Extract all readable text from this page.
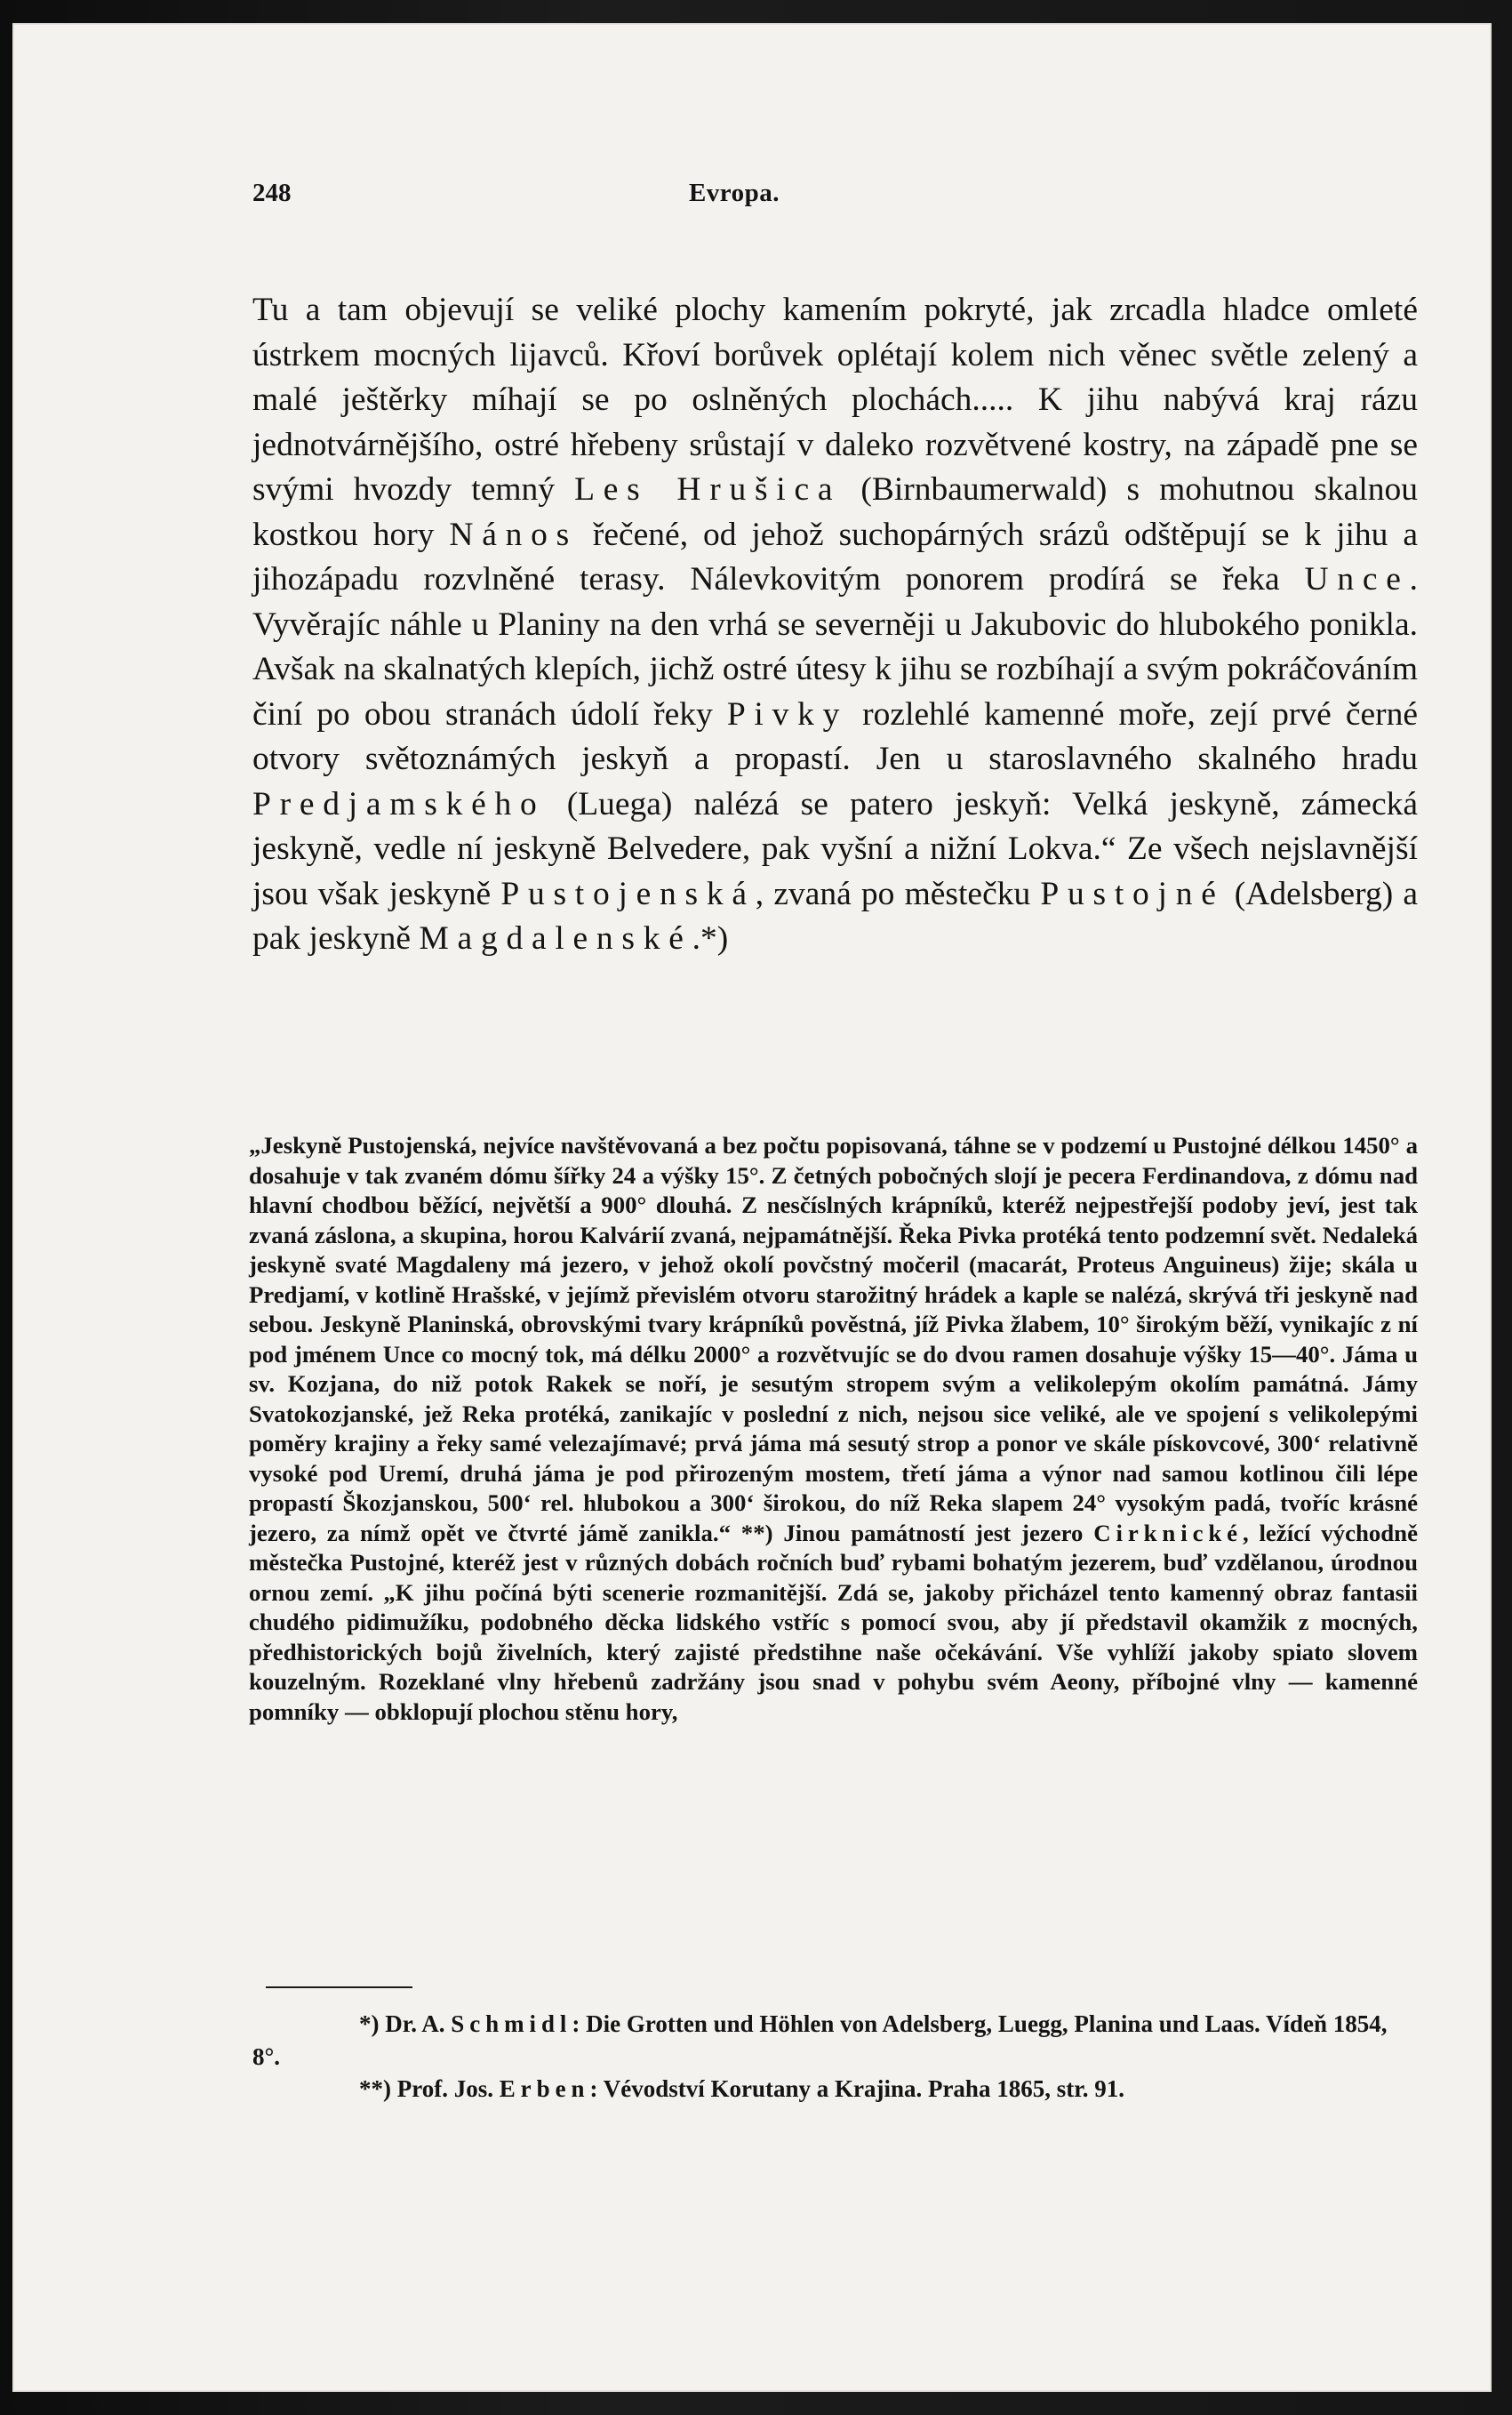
248	Evropa.

Tu a tam objevují se veliké plochy kamením pokryté, jak zrcadla hladce omleté ústrkem mocných lijavců. Křoví borůvek oplétají kolem nich věnec světle zelený a malé ještěrky míhají se po oslněných plochách..... K jihu nabývá kraj rázu jednotvárnějšího, ostré hřebeny srůstají v daleko rozvětvené kostry, na západě pne se svými hvozdy temný Les Hrušica (Birnbaumerwald) s mohutnou skalnou kostkou hory Nános řečené, od jehož suchopárných srázů odštěpují se k jihu a jihozápadu rozvlněné terasy. Nálevkovitým ponorem prodírá se řeka Unce. Vyvěrajíc náhle u Planiny na den vrhá se severněji u Jakubovic do hlubokého ponikla. Avšak na skalnatých klepích, jichž ostré útesy k jihu se rozbíhají a svým pokráčováním činí po obou stranách údolí řeky Pivky rozlehlé kamenné moře, zejí prvé černé otvory světoznámých jeskyň a propastí. Jen u staroslavného skalného hradu Predjamského (Luega) nalézá se patero jeskyň: Velká jeskyně, zámecká jeskyně, vedle ní jeskyně Belvedere, pak vyšní a nižní Lokva.“ Ze všech nejslavnější jsou však jeskyně Pustojenská, zvaná po městečku Pustojné (Adelsberg) a pak jeskyně Magdalenské.*)

„Jeskyně Pustojenská, nejvíce navštěvovaná a bez počtu popisovaná, táhne se v podzemí u Pustojné délkou 1450° a dosahuje v tak zvaném dómu šířky 24 a výšky 15°. Z četných pobočných slojí je pecera Ferdinandova, z dómu nad hlavní chodbou běžící, největší a 900° dlouhá. Z nesčíslných krápníků, kteréž nejpestřejší podoby jeví, jest tak zvaná záslona, a skupina, horou Kalvárií zvaná, nejpamátnější. Řeka Pivka protéká tento podzemní svět. Nedaleká jeskyně svaté Magdaleny má jezero, v jehož okolí povčstný močeril (macarát, Proteus Anguineus) žije; skála u Predjamí, v kotlině Hrašské, v jejímž převislém otvoru starožitný hrádek a kaple se nalézá, skrývá tři jeskyně nad sebou. Jeskyně Planinská, obrovskými tvary krápníků pověstná, jíž Pivka žlabem, 10° širokým běží, vynikajíc z ní pod jménem Unce co mocný tok, má délku 2000° a rozvětvujíc se do dvou ramen dosahuje výšky 15—40°. Jáma u sv. Kozjana, do niž potok Rakek se noří, je sesutým stropem svým a velikolepým okolím památná. Jámy Svatokozjanské, jež Reka protéká, zanikajíc v poslední z nich, nejsou sice veliké, ale ve spojení s velikolepými poměry krajiny a řeky samé velezajímavé; prvá jáma má sesutý strop a ponor ve skále pískovcové, 300‘ relativně vysoké pod Uremí, druhá jáma je pod přirozeným mostem, třetí jáma a výnor nad samou kotlinou čili lépe propastí Škozjanskou, 500‘ rel. hlubokou a 300‘ širokou, do níž Reka slapem 24° vysokým padá, tvoříc krásné jezero, za nímž opět ve čtvrté jámě zanikla.“ **) Jinou památností jest jezero Cirknické, ležící východně městečka Pustojné, kteréž jest v různých dobách ročních buď rybami bohatým jezerem, buď vzdělanou, úrodnou ornou zemí. „K jihu počíná býti scenerie rozmanitější. Zdá se, jakoby přicházel tento kamenný obraz fantasii chudého pidimužíku, podobného děcka lidského vstříc s pomocí svou, aby jí představil okamžik z mocných, předhistorických bojů živelních, který zajisté předstihne naše očekávání. Vše vyhlíží jakoby spiato slovem kouzelným. Rozeklané vlny hřebenů zadržány jsou snad v pohybu svém Aeony, příbojné vlny — kamenné pomníky — obklopují plochou stěnu hory,

*) Dr. A. Schmidl: Die Grotten und Höhlen von Adelsberg, Luegg, Planina und Laas. Vídeň 1854, 8°.

**) Prof. Jos. Erben: Vévodství Korutany a Krajina. Praha 1865, str. 91.
